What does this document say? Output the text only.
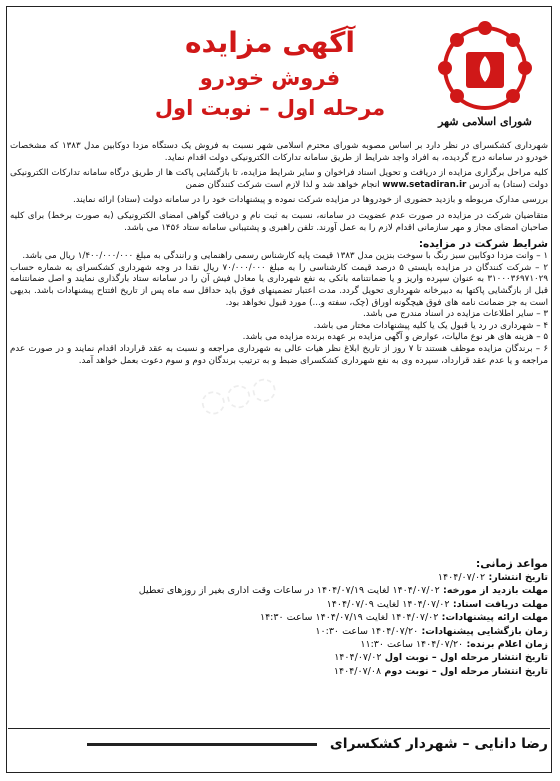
شورای اسلامی شهر
آگهی مزایده
فروش خودرو
مرحله اول – نوبت اول
◌◌◌

شهرداری کشکسرای در نظر دارد بر اساس مصوبه شورای محترم اسلامی شهر نسبت به فروش یک دستگاه مزدا دوکابین مدل ۱۳۸۳ که مشخصات خودرو در سامانه درج گردیده، به افراد واجد شرایط از طریق سامانه تدارکات الکترونیکی دولت اقدام نماید.

کلیه مراحل برگزاری مزایده از دریافت و تحویل اسناد فراخوان و سایر شرایط مزایده، تا بازگشایی پاکت ها از طریق درگاه سامانه تدارکات الکترونیکی دولت (ستاد) به آدرس www.setadiran.ir انجام خواهد شد و لذا لازم است شرکت کنندگان ضمن

بررسی مدارک مربوطه و بازدید حضوری از خودروها در مزایده شرکت نموده و پیشنهادات خود را در سامانه دولت (ستاد) ارائه نمایند.

متقاضیان شرکت در مزایده در صورت عدم عضویت در سامانه، نسبت به ثبت نام و دریافت گواهی امضای الکترونیکی (به صورت برخط) برای کلیه صاحبان امضای مجاز و مهر سازمانی اقدام لازم را به عمل آورند. تلفن راهبری و پشتیبانی سامانه ستاد ۱۴۵۶ می باشد.

شرایط شرکت در مزایده:

۱ – وانت مزدا دوکابین سبز رنگ با سوخت بنزین مدل ۱۳۸۳ قیمت پایه کارشناس رسمی راهنمایی و رانندگی به مبلغ ۱/۴۰۰/۰۰۰/۰۰۰ ریال می باشد.

۲ – شرکت کنندگان در مزایده بایستی ۵ درصد قیمت کارشناسی را به مبلغ ۷۰/۰۰۰/۰۰۰ ریال نقدا در وجه شهرداری کشکسرای به شماره حساب ۳۱۰۰۰۳۶۹۷۱۰۲۹ به عنوان سپرده واریز و یا ضمانتنامه بانکی به نفع شهرداری یا معادل فیش آن را در سامانه ستاد بارگذاری نمایند و اصل ضمانتنامه قبل از بازگشایی پاکتها به دبیرخانه شهرداری تحویل گردد. مدت اعتبار تضمینهای فوق باید حداقل سه ماه پس از تاریخ افتتاح پیشنهادات باشد. بدیهی است به جز ضمانت نامه های فوق هیچگونه اوراق (چک، سفته و...) مورد قبول نخواهد بود.

۳ – سایر اطلاعات مزایده در اسناد مندرج می باشد.

۴ – شهرداری در رد یا قبول یک یا کلیه پیشنهادات مختار می باشد.

۵ – هزینه های هر نوع مالیات، عوارض و آگهی مزایده بر عهده برنده مزایده می باشد.

۶ – برندگان مزایده موظف هستند تا ۷ روز از تاریخ ابلاغ نظر هیات عالی به شهرداری مراجعه و نسبت به عقد قرارداد اقدام نمایند و در صورت عدم مراجعه و یا عدم عقد قرارداد، سپرده وی به نفع شهرداری کشکسرای ضبط و به ترتیب برندگان دوم و سوم دعوت بعمل خواهد آمد.

مواعد زمانی:
تاریخ انتشار: ۱۴۰۴/۰۷/۰۲
مهلت بازدید از مورخه: ۱۴۰۴/۰۷/۰۲ لغایت ۱۴۰۴/۰۷/۱۹ در ساعات وقت اداری بغیر از روزهای تعطیل
مهلت دریافت اسناد: ۱۴۰۴/۰۷/۰۲ لغایت ۱۴۰۴/۰۷/۰۹
مهلت ارائه پیشنهادات: ۱۴۰۴/۰۷/۰۲ لغایت ۱۴۰۴/۰۷/۱۹ ساعت ۱۴:۳۰
زمان بازگشایی پیشنهادات: ۱۴۰۴/۰۷/۲۰ ساعت ۱۰:۳۰
زمان اعلام برنده: ۱۴۰۴/۰۷/۲۰ ساعت ۱۱:۳۰
تاریخ انتشار مرحله اول – نوبت اول ۱۴۰۴/۰۷/۰۲
تاریخ انتشار مرحله اول – نوبت دوم ۱۴۰۴/۰۷/۰۸
رضا دانایی – شهردار کشکسرای
